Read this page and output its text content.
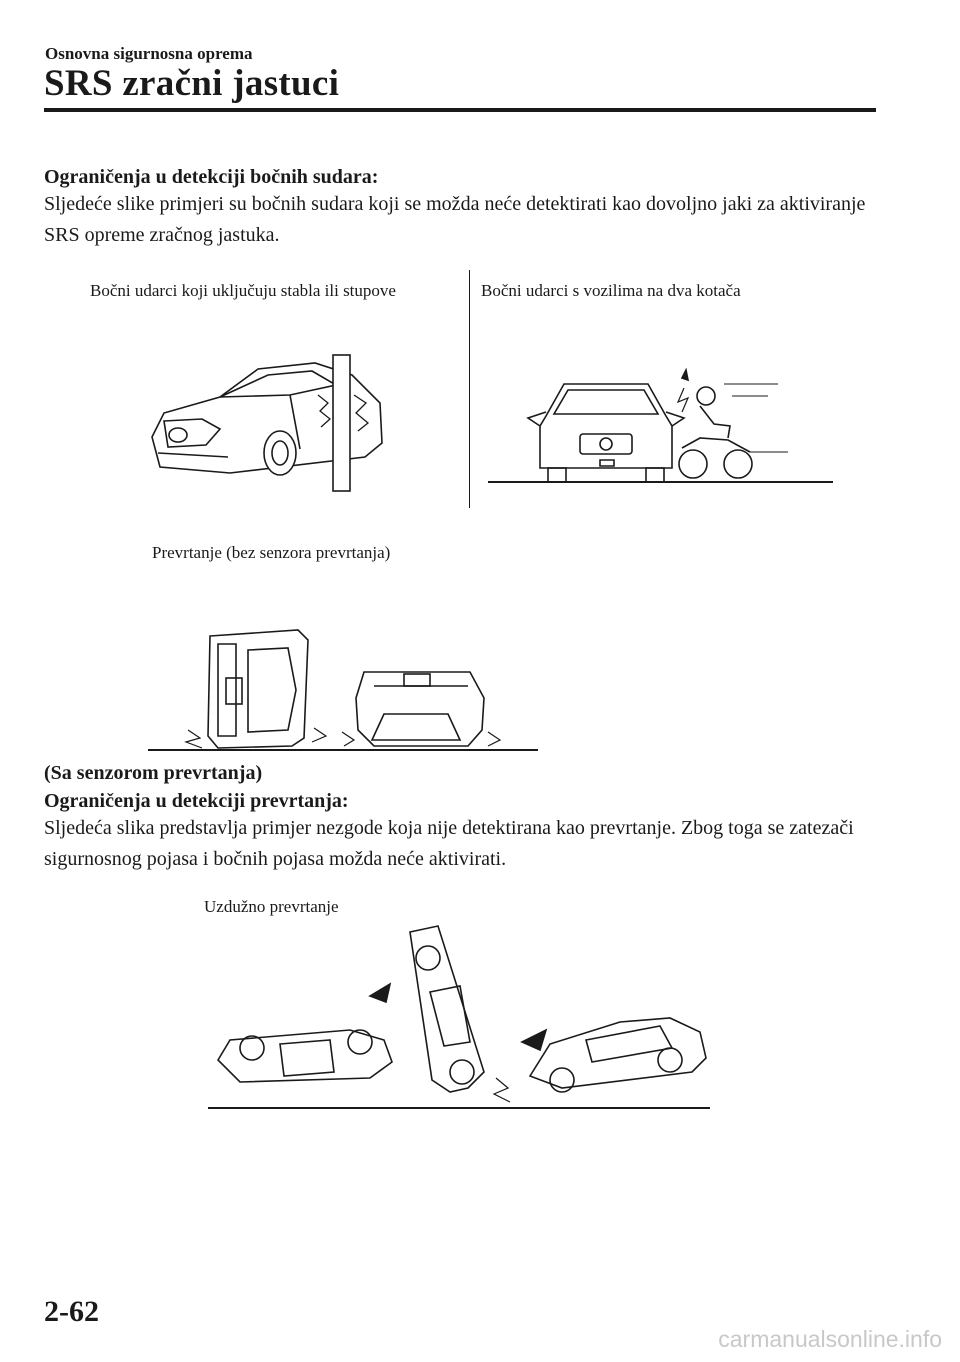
Osnovna sigurnosna oprema
SRS zračni jastuci
Ograničenja u detekciji bočnih sudara:
Sljedeće slike primjeri su bočnih sudara koji se možda neće detektirati kao dovoljno jaki za aktiviranje SRS opreme zračnog jastuka.
Bočni udarci koji uključuju stabla ili stupove	Bočni udarci s vozilima na dva kotača
Prevrtanje (bez senzora prevrtanja)
(Sa senzorom prevrtanja)
Ograničenja u detekciji prevrtanja:
Sljedeća slika predstavlja primjer nezgode koja nije detektirana kao prevrtanje. Zbog toga se zatezači sigurnosnog pojasa i bočnih pojasa možda neće aktivirati.
Uzdužno prevrtanje
2-62
carmanualsonline.info
